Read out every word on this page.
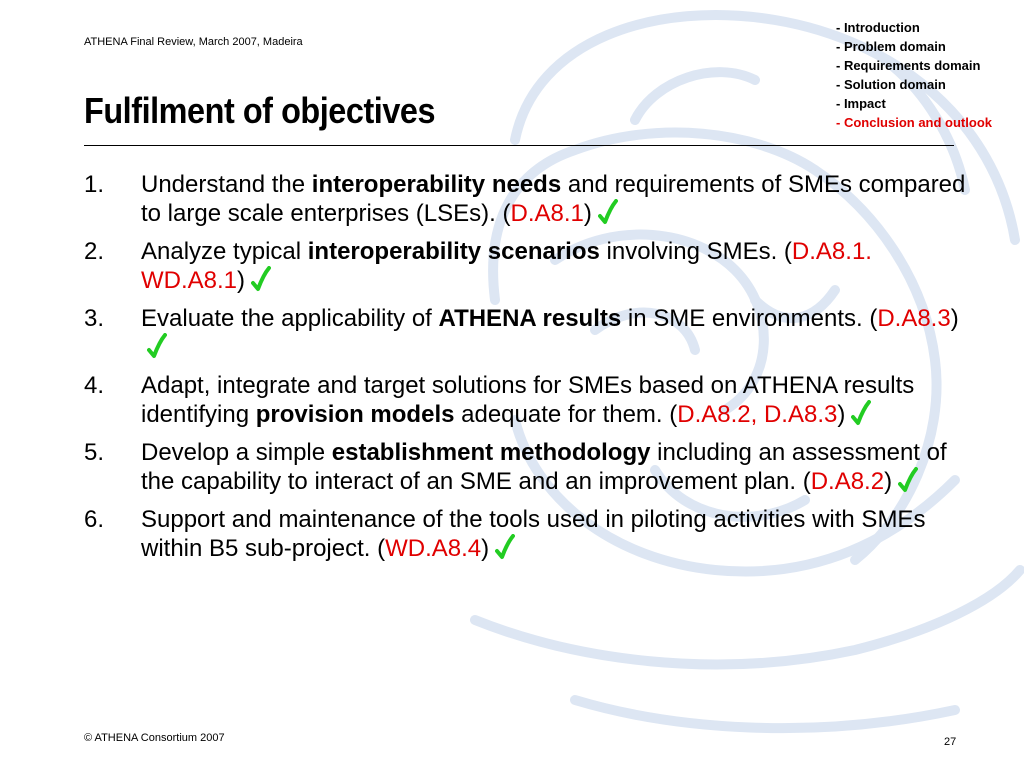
ATHENA Final Review, March 2007, Madeira
- Introduction
- Problem domain
- Requirements domain
- Solution domain
- Impact
- Conclusion and outlook
Fulfilment of objectives
1. Understand the interoperability needs and requirements of SMEs compared to large scale enterprises (LSEs). (D.A8.1)
2. Analyze typical interoperability scenarios involving SMEs. (D.A8.1. WD.A8.1)
3. Evaluate the applicability of ATHENA results in SME environments. (D.A8.3)
4. Adapt, integrate and target solutions for SMEs based on ATHENA results identifying provision models adequate for them. (D.A8.2, D.A8.3)
5. Develop a simple establishment methodology including an assessment of the capability to interact of an SME and an improvement plan. (D.A8.2)
6. Support and maintenance of the tools used in piloting activities with SMEs within B5 sub-project. (WD.A8.4)
© ATHENA Consortium 2007	27
